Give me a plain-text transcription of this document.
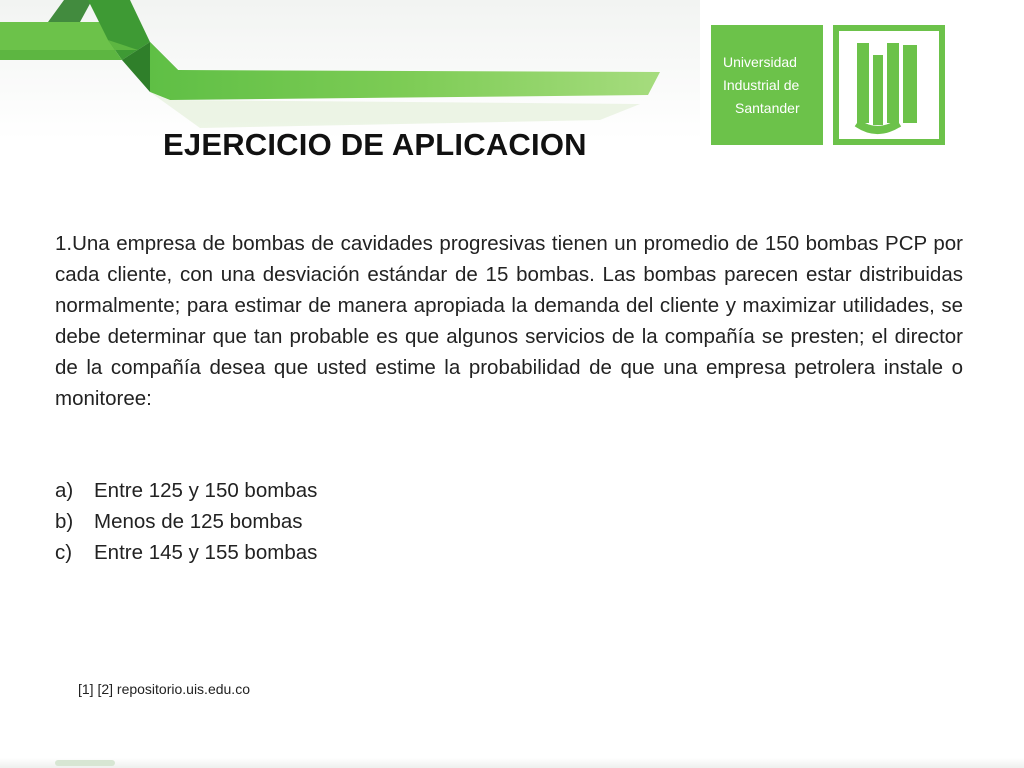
Universidad
Industrial de
Santander
EJERCICIO DE APLICACION

1.Una empresa de bombas de cavidades progresivas tienen un promedio de 150 bombas PCP por cada cliente, con una desviación estándar de 15 bombas. Las bombas parecen estar distribuidas normalmente; para estimar de manera apropiada la demanda del cliente y maximizar utilidades, se debe determinar que tan probable es que algunos servicios de la compañía se presten; el director de la compañía desea que usted estime la probabilidad de que una empresa petrolera instale o monitoree:

a)	Entre 125 y 150 bombas
b)	Menos de 125 bombas
c)	Entre 145 y 155 bombas
[1] [2] repositorio.uis.edu.co
